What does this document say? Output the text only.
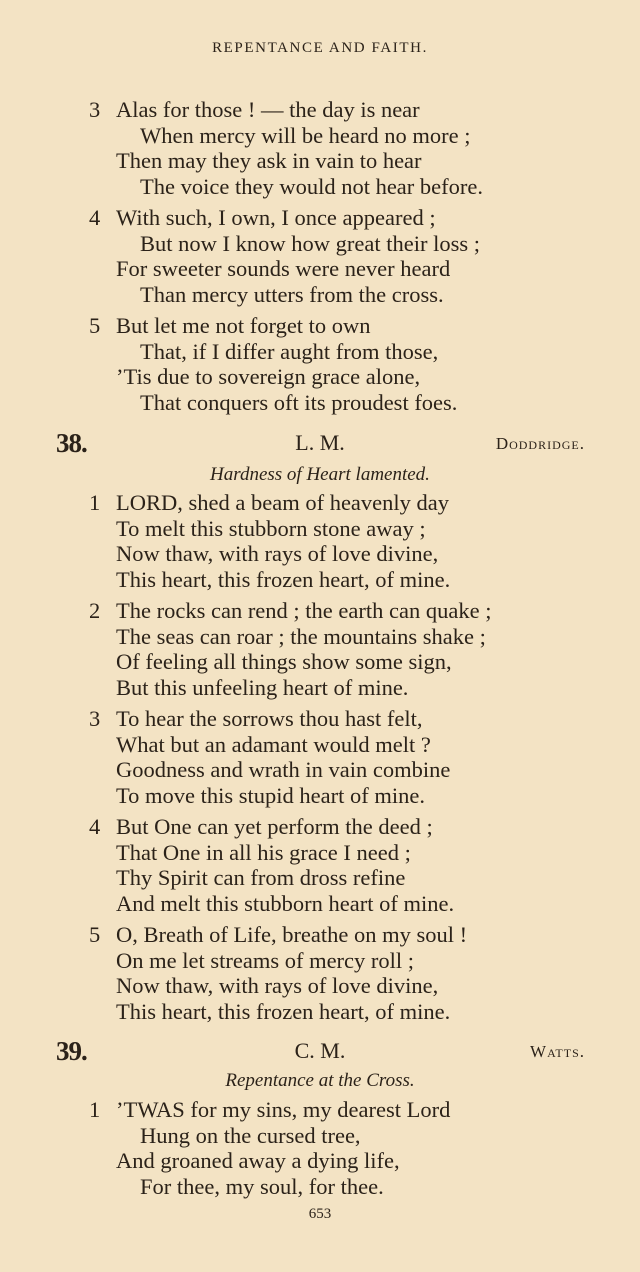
REPENTANCE AND FAITH.
3 Alas for those ! — the day is near
When mercy will be heard no more ;
Then may they ask in vain to hear
The voice they would not hear before.
4 With such, I own, I once appeared ;
But now I know how great their loss ;
For sweeter sounds were never heard
Than mercy utters from the cross.
5 But let me not forget to own
That, if I differ aught from those,
’Tis due to sovereign grace alone,
That conquers oft its proudest foes.
38.	L. M.	Doddridge.
Hardness of Heart lamented.
1 LORD, shed a beam of heavenly day
To melt this stubborn stone away ;
Now thaw, with rays of love divine,
This heart, this frozen heart, of mine.
2 The rocks can rend ; the earth can quake ;
The seas can roar ; the mountains shake ;
Of feeling all things show some sign,
But this unfeeling heart of mine.
3 To hear the sorrows thou hast felt,
What but an adamant would melt ?
Goodness and wrath in vain combine
To move this stupid heart of mine.
4 But One can yet perform the deed ;
That One in all his grace I need ;
Thy Spirit can from dross refine
And melt this stubborn heart of mine.
5 O, Breath of Life, breathe on my soul !
On me let streams of mercy roll ;
Now thaw, with rays of love divine,
This heart, this frozen heart, of mine.
39.	C. M.	Watts.
Repentance at the Cross.
1 ’TWAS for my sins, my dearest Lord
Hung on the cursed tree,
And groaned away a dying life,
For thee, my soul, for thee.
653
